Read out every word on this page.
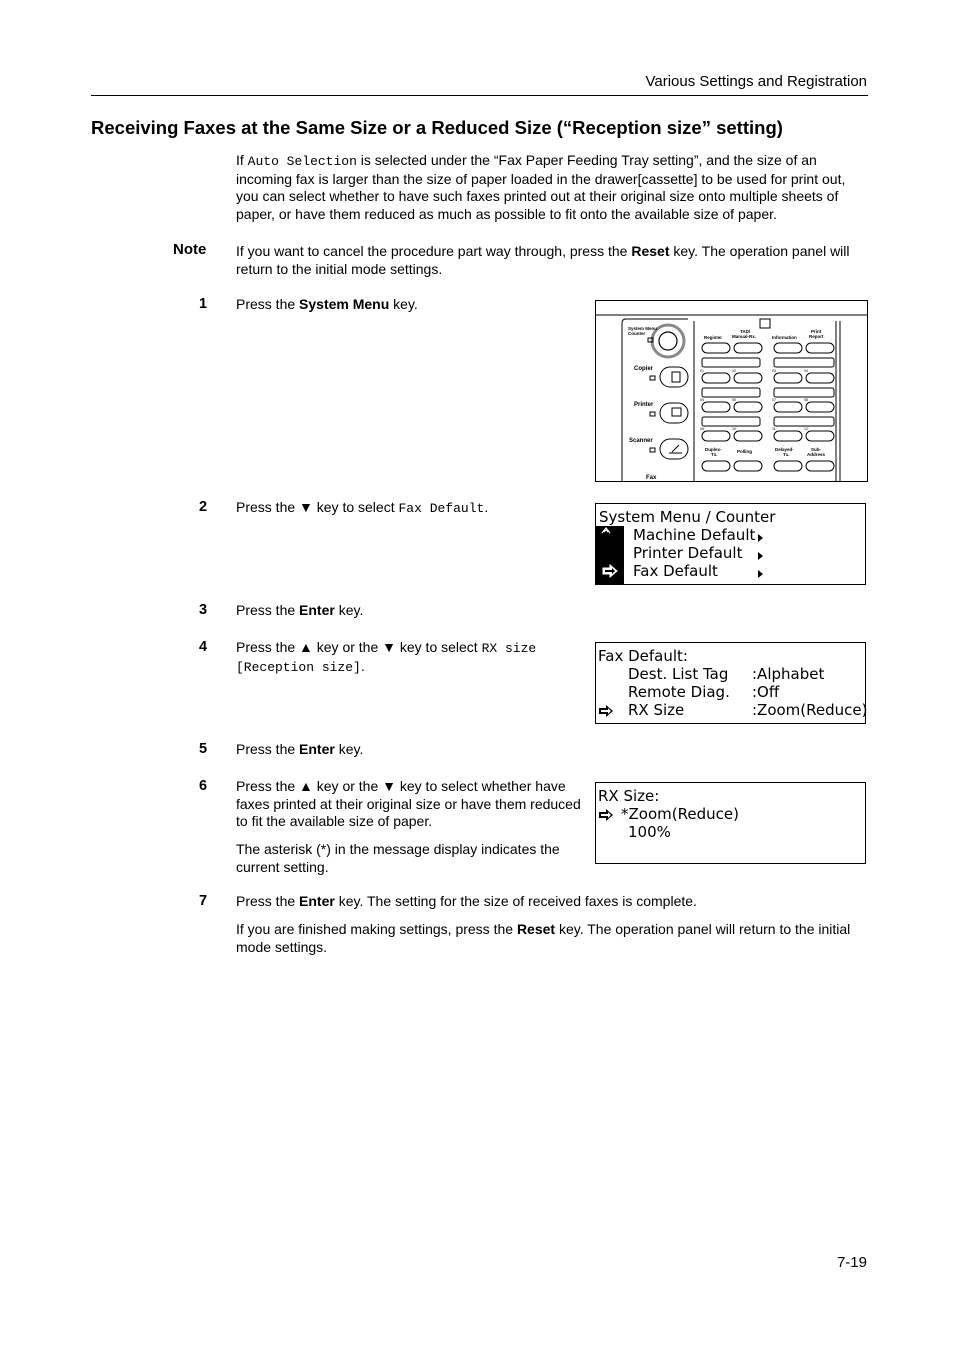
Various Settings and Registration
Receiving Faxes at the Same Size or a Reduced Size (“Reception size” setting)
If Auto Selection is selected under the “Fax Paper Feeding Tray setting”, and the size of an incoming fax is larger than the size of paper loaded in the drawer[cassette] to be used for print out, you can select whether to have such faxes printed out at their original size onto multiple sheets of paper, or have them reduced as much as possible to fit onto the available size of paper.
Note If you want to cancel the procedure part way through, press the Reset key. The operation panel will return to the initial mode settings.
1 Press the System Menu key.
System Menu
Counter
Copier
Printer
Scanner
Fax
Register
TAD/
Manual-Rx.	Information
Print
Report
Duplex-
Tx.
Polling	Delayed-
Tx.
Sub-
Address
01	02	03	04
05	06	07	08
09	10	11	12
2 Press the ▼ key to select Fax Default.
System Menu / Counter
Machine Default
Printer Default
Fax Default
3 Press the Enter key.
4 Press the ▲ key or the ▼ key to select RX size [Reception size].
Fax Default:
Dest. List Tag :Alphabet
Remote Diag. :Off
RX Size	:Zoom(Reduce)
5 Press the Enter key.
6 Press the ▲ key or the ▼ key to select whether have faxes printed at their original size or have them reduced to fit the available size of paper.
The asterisk (*) in the message display indicates the current setting.
RX Size:
*Zoom(Reduce)
100%
7 Press the Enter key. The setting for the size of received faxes is complete.
If you are finished making settings, press the Reset key. The operation panel will return to the initial mode settings.
7-19
